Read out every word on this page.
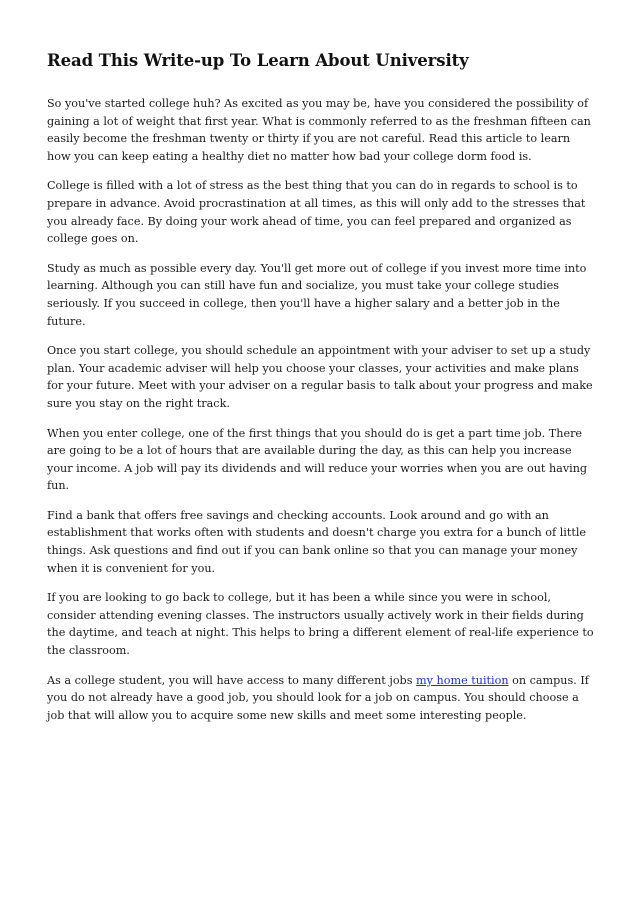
Read This Write-up To Learn About University

So you've started college huh? As excited as you may be, have you considered the possibility of gaining a lot of weight that first year. What is commonly referred to as the freshman fifteen can easily become the freshman twenty or thirty if you are not careful. Read this article to learn how you can keep eating a healthy diet no matter how bad your college dorm food is.

College is filled with a lot of stress as the best thing that you can do in regards to school is to prepare in advance. Avoid procrastination at all times, as this will only add to the stresses that you already face. By doing your work ahead of time, you can feel prepared and organized as college goes on.

Study as much as possible every day. You'll get more out of college if you invest more time into learning. Although you can still have fun and socialize, you must take your college studies seriously. If you succeed in college, then you'll have a higher salary and a better job in the future.

Once you start college, you should schedule an appointment with your adviser to set up a study plan. Your academic adviser will help you choose your classes, your activities and make plans for your future. Meet with your adviser on a regular basis to talk about your progress and make sure you stay on the right track.

When you enter college, one of the first things that you should do is get a part time job. There are going to be a lot of hours that are available during the day, as this can help you increase your income. A job will pay its dividends and will reduce your worries when you are out having fun.

Find a bank that offers free savings and checking accounts. Look around and go with an establishment that works often with students and doesn't charge you extra for a bunch of little things. Ask questions and find out if you can bank online so that you can manage your money when it is convenient for you.

If you are looking to go back to college, but it has been a while since you were in school, consider attending evening classes. The instructors usually actively work in their fields during the daytime, and teach at night. This helps to bring a different element of real-life experience to the classroom.

As a college student, you will have access to many different jobs my home tuition on campus. If you do not already have a good job, you should look for a job on campus. You should choose a job that will allow you to acquire some new skills and meet some interesting people.
